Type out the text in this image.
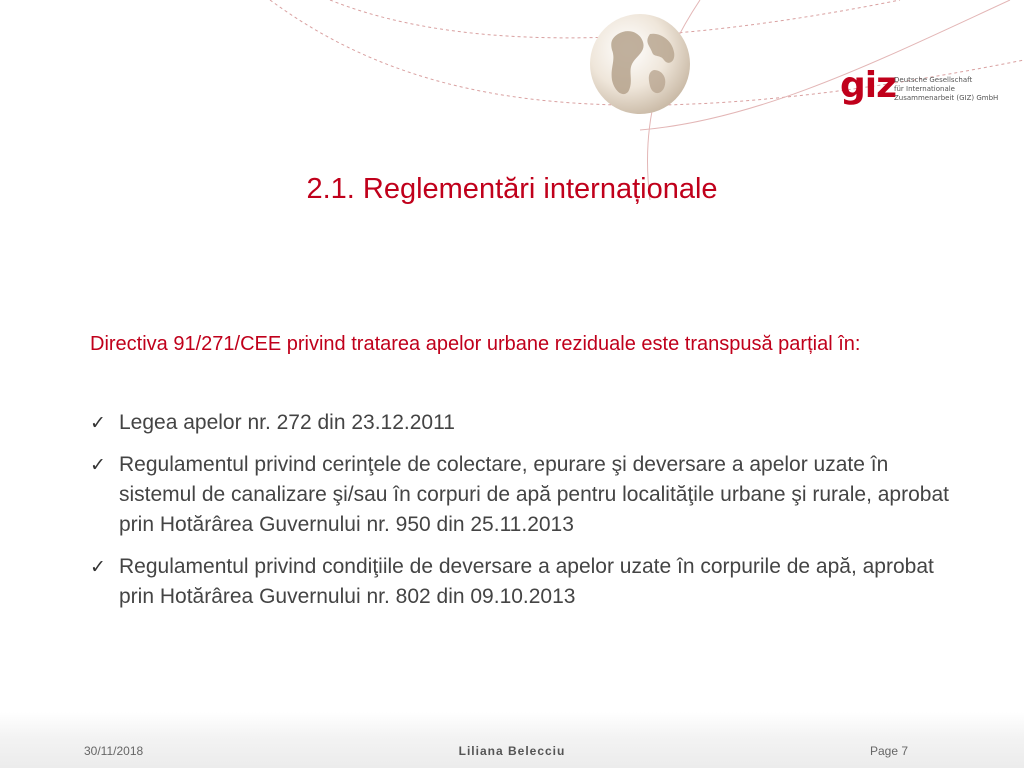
giz
Deutsche Gesellschaft
für Internationale
Zusammenarbeit (GIZ) GmbH
2.1. Reglementări internaționale

Directiva 91/271/CEE privind tratarea apelor urbane reziduale este transpusă parțial în:

✓ Legea apelor nr. 272 din 23.12.2011
✓ Regulamentul privind cerinţele de colectare, epurare şi deversare a apelor uzate în sistemul de canalizare şi/sau în corpuri de apă pentru localităţile urbane şi rurale, aprobat prin Hotărârea Guvernului nr. 950 din 25.11.2013
✓ Regulamentul privind condiţiile de deversare a apelor uzate în corpurile de apă, aprobat prin Hotărârea Guvernului nr. 802 din 09.10.2013
30/11/2018	Liliana Belecciu	Page 7
